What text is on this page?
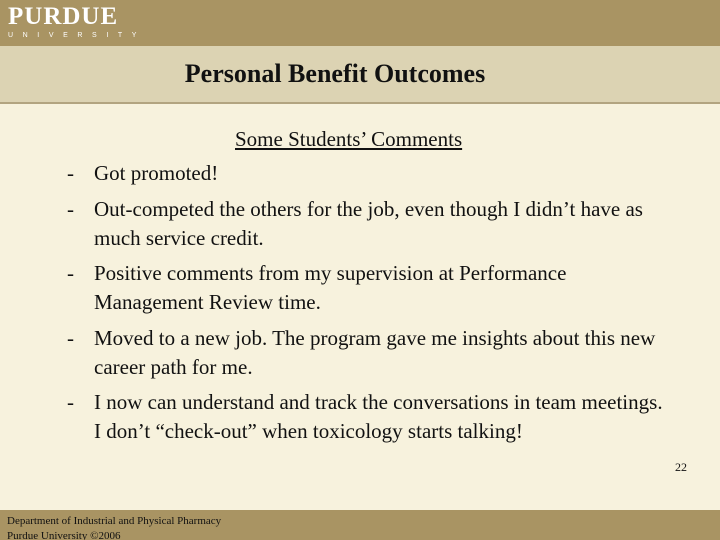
PURDUE
UNIVERSITY
Personal Benefit Outcomes
Some Students’ Comments
- Got promoted!
- Out-competed the others for the job, even though I didn’t have as much service credit.
- Positive comments from my supervision at Performance Management Review time.
- Moved to a new job. The program gave me insights about this new career path for me.
- I now can understand and track the conversations in team meetings. I don’t “check-out” when toxicology starts talking!
22
Department of Industrial and Physical Pharmacy
Purdue University ©2006
